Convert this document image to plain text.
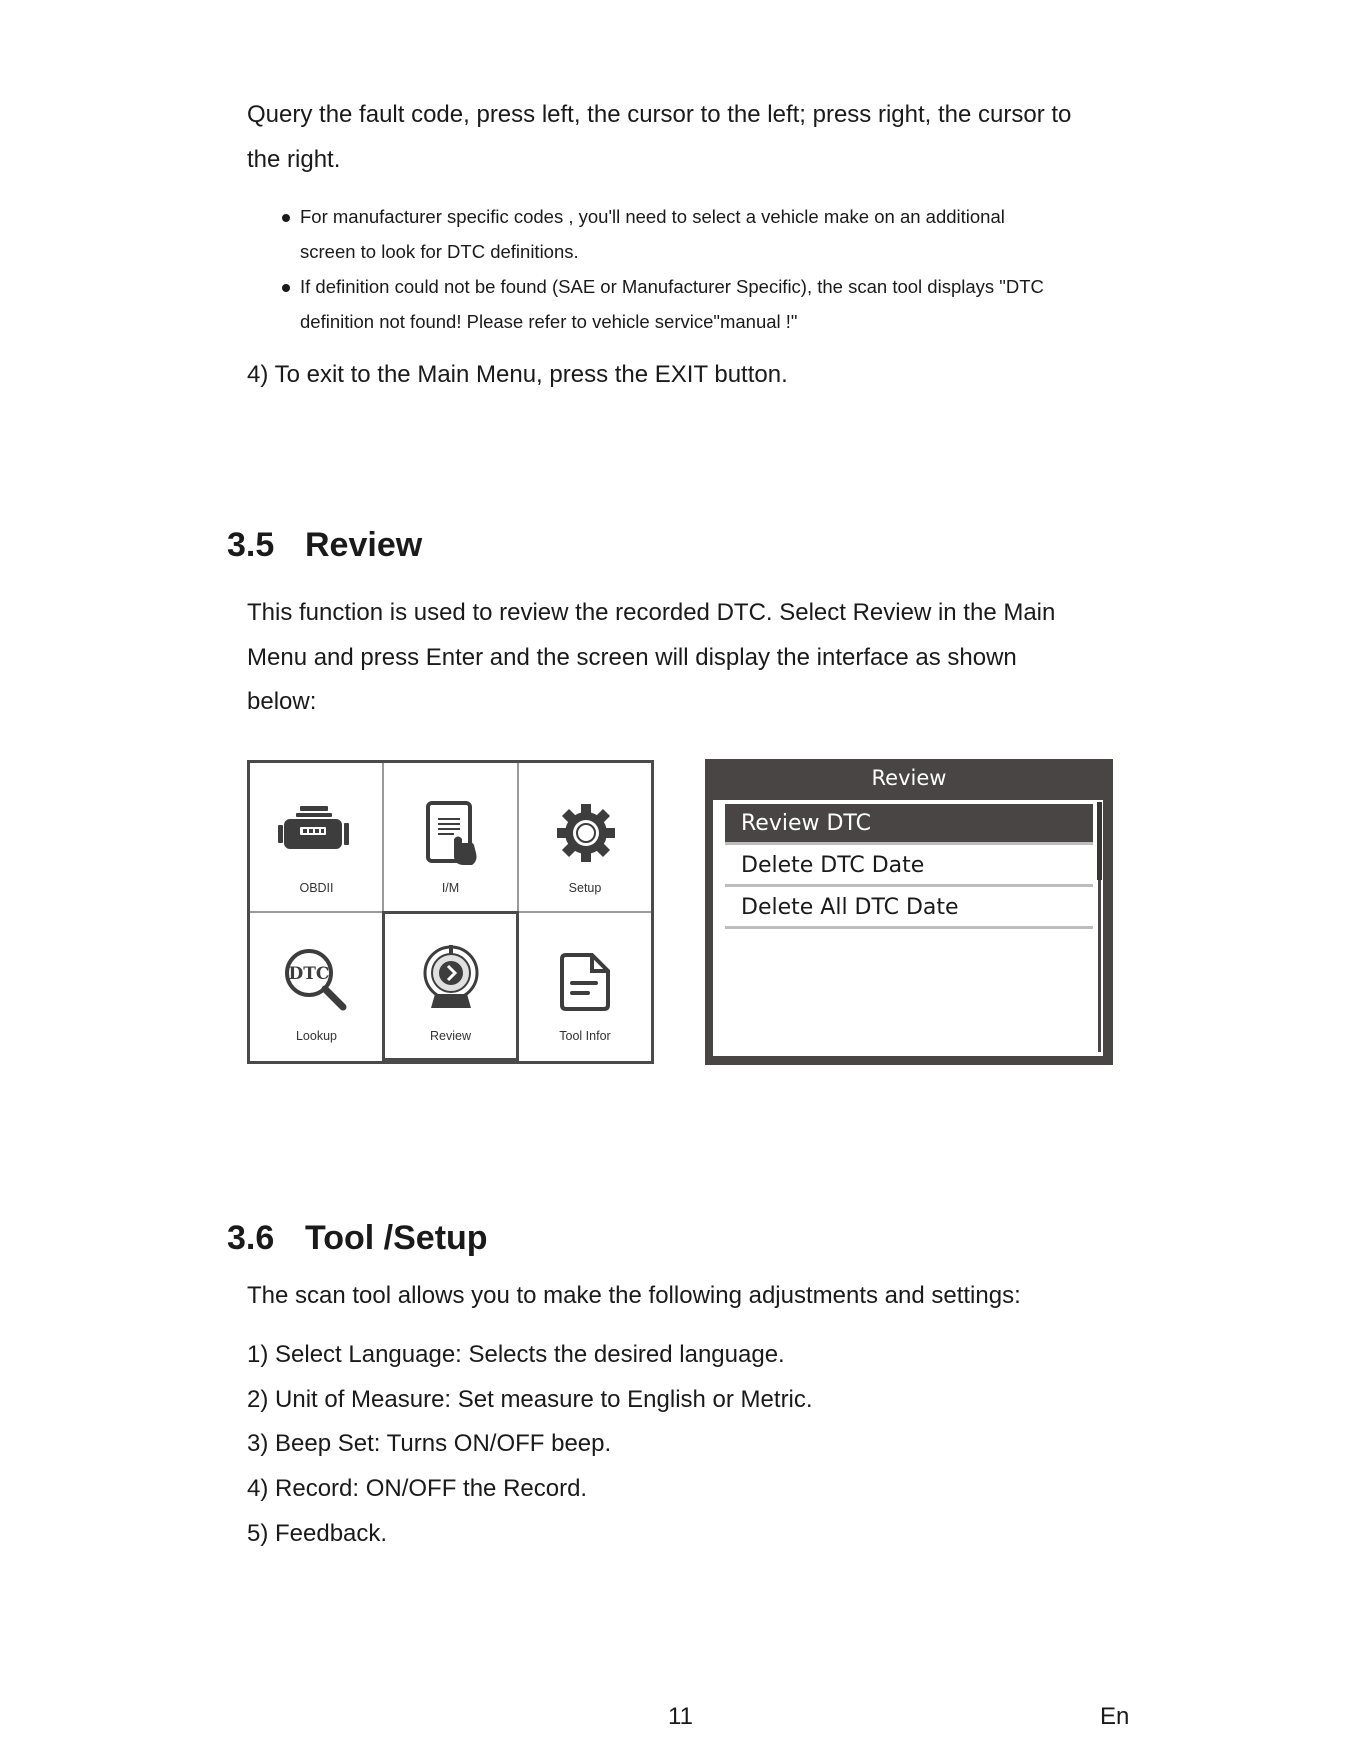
Query the fault code, press left, the cursor to the left; press right, the cursor to
the right.
For manufacturer specific codes , you'll need to select a vehicle make on an additional
screen to look for DTC definitions.
If definition could not be found (SAE or Manufacturer Specific), the scan tool displays "DTC
definition not found! Please refer to vehicle service"manual !"
4) To exit to the Main Menu, press the EXIT button.
3.5 Review
This function is used to review the recorded DTC. Select Review in the Main
Menu and press Enter and the screen will display the interface as shown
below:
OBDII	I/M	Setup
DTC
Lookup	Review	Tool Infor
Review
Review DTC
Delete DTC Date
Delete All DTC Date
3.6 Tool /Setup
The scan tool allows you to make the following adjustments and settings:
1) Select Language: Selects the desired language.
2) Unit of Measure: Set measure to English or Metric.
3) Beep Set: Turns ON/OFF beep.
4) Record: ON/OFF the Record.
5) Feedback.
11	En
